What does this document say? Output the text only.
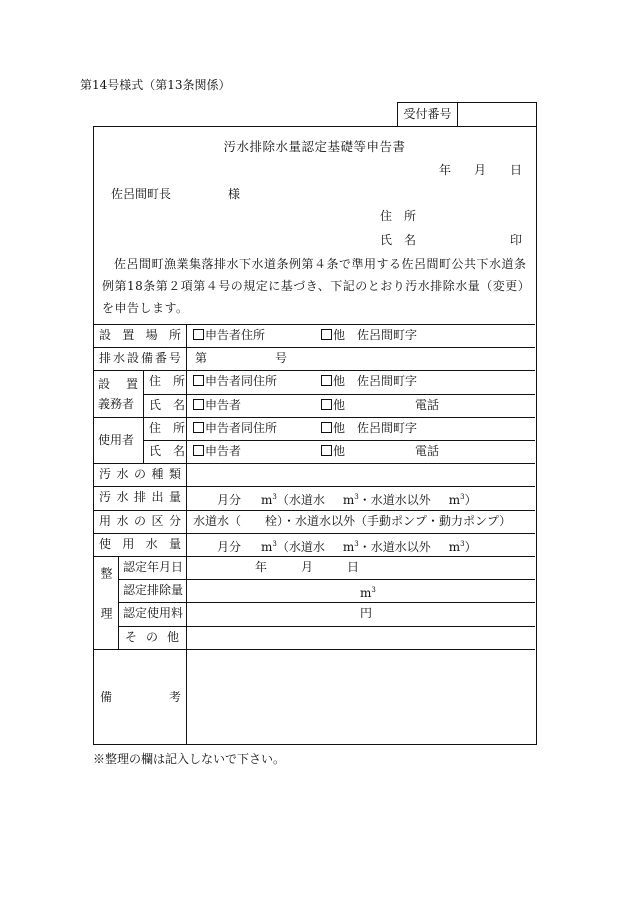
第14号様式（第13条関係）
受付番号
汚水排除水量認定基礎等申告書
年 月 日
佐呂間町長	様
住　所
氏　名	印
佐呂間町漁業集落排水下水道条例第４条で準用する佐呂間町公共下水道条例第18条第２項第４号の規定に基づき、下記のとおり汚水排除水量（変更）を申告します。
設 置 場 所	申告者住所	他　 佐呂間町字
排 水 設 備 番 号 第	号
設 置
義務者
住　所	申告者同住所	他　 佐呂間町字
氏　名	申告者	他	電話
使用者
住　所	申告者同住所	他　 佐呂間町字
氏　名	申告者	他	電話
汚 水 の 種 類
汚 水 排 出 量	月分 $m^3$（水道水 $m^3$・水道水以外 $m^3$）
用 水 の 区 分 水道水（　　栓）・水道水以外（手動ポンプ・動力ポンプ）
使 用 水 量	月分 $m^3$（水道水 $m^3$・水道水以外 $m^3$）
整理 認定年月日	年	月	日
認定排除量	$m^3$
認定使用料	円
そ の 他
備	考
※整理の欄は記入しないで下さい。
